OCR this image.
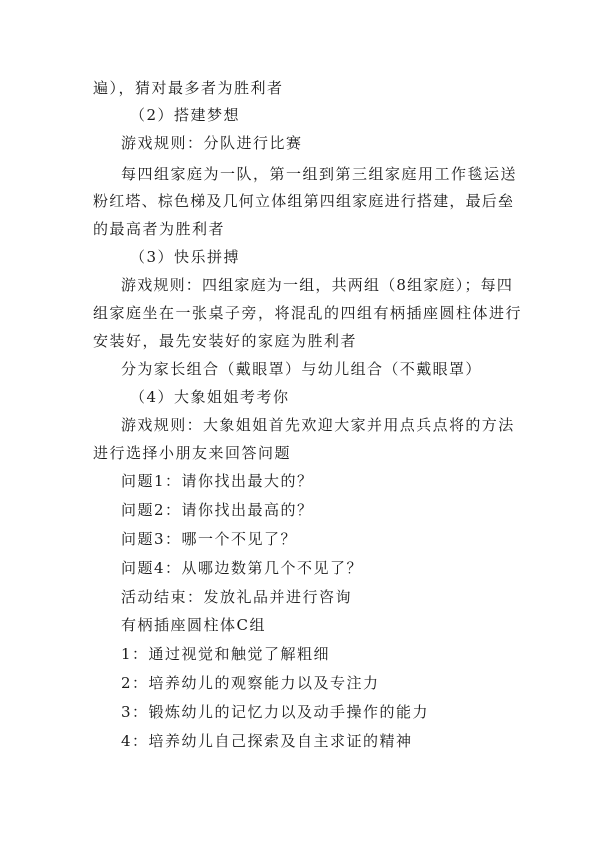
遍），猜对最多者为胜利者
（2）搭建梦想
游戏规则：分队进行比赛
每四组家庭为一队，第一组到第三组家庭用工作毯运送
粉红塔、棕色梯及几何立体组第四组家庭进行搭建，最后垒
的最高者为胜利者
（3）快乐拼搏
游戏规则：四组家庭为一组，共两组（8组家庭）；每四
组家庭坐在一张桌子旁，将混乱的四组有柄插座圆柱体进行
安装好，最先安装好的家庭为胜利者
分为家长组合（戴眼罩）与幼儿组合（不戴眼罩）
（4）大象姐姐考考你
游戏规则：大象姐姐首先欢迎大家并用点兵点将的方法
进行选择小朋友来回答问题
问题1：请你找出最大的？
问题2：请你找出最高的？
问题3：哪一个不见了？
问题4：从哪边数第几个不见了？
活动结束：发放礼品并进行咨询
有柄插座圆柱体C组
1：通过视觉和触觉了解粗细
2：培养幼儿的观察能力以及专注力
3：锻炼幼儿的记忆力以及动手操作的能力
4：培养幼儿自己探索及自主求证的精神
